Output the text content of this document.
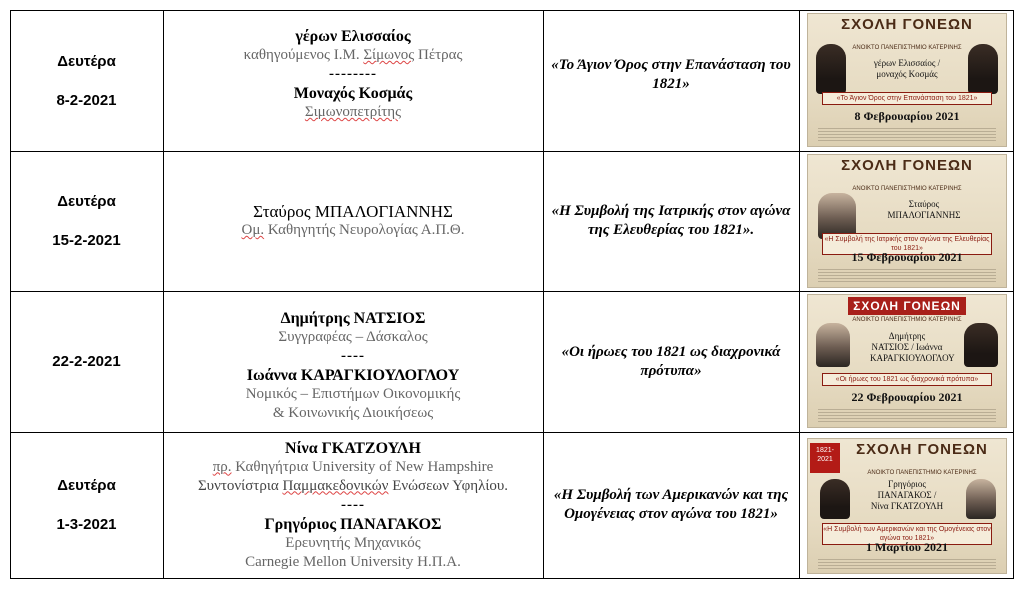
Δευτέρα
8-2-2021
γέρων Ελισσαίος
καθηγούμενος Ι.Μ. Σίμωνος Πέτρας
--------
Μοναχός Κοσμάς
Σιμωνοπετρίτης
«Το Άγιον Όρος στην Επανάσταση του 1821»
ΣΧΟΛΗ ΓΟΝΕΩΝ
ΑΝΟΙΚΤΟ ΠΑΝΕΠΙΣΤΗΜΙΟ ΚΑΤΕΡΙΝΗΣ
γέρων Ελισσαίος / μοναχός Κοσμάς
«Το Άγιον Όρος στην Επανάσταση του 1821»
8 Φεβρουαρίου 2021
Δευτέρα
15-2-2021
Σταύρος ΜΠΑΛΟΓΙΑΝΝΗΣ
Ομ. Καθηγητής Νευρολογίας Α.Π.Θ.
«Η Συμβολή της Ιατρικής στον αγώνα της Ελευθερίας του 1821».
ΣΧΟΛΗ ΓΟΝΕΩΝ
ΑΝΟΙΚΤΟ ΠΑΝΕΠΙΣΤΗΜΙΟ ΚΑΤΕΡΙΝΗΣ
Σταύρος ΜΠΑΛΟΓΙΑΝΝΗΣ
«Η Συμβολή της Ιατρικής στον αγώνα της Ελευθερίας του 1821»
15 Φεβρουαρίου 2021
22-2-2021
Δημήτρης ΝΑΤΣΙΟΣ
Συγγραφέας – Δάσκαλος
----
Ιωάννα ΚΑΡΑΓΚΙΟΥΛΟΓΛΟΥ
Νομικός – Επιστήμων Οικονομικής
& Κοινωνικής Διοικήσεως
«Οι ήρωες του 1821 ως διαχρονικά πρότυπα»
ΣΧΟΛΗ ΓΟΝΕΩΝ
ΑΝΟΙΚΤΟ ΠΑΝΕΠΙΣΤΗΜΙΟ ΚΑΤΕΡΙΝΗΣ
Δημήτρης ΝΑΤΣΙΟΣ / Ιωάννα ΚΑΡΑΓΚΙΟΥΛΟΓΛΟΥ
«Οι ήρωες του 1821 ως διαχρονικά πρότυπα»
22 Φεβρουαρίου 2021
Δευτέρα
1-3-2021
Νίνα ΓΚΑΤΖΟΥΛΗ
πρ. Καθηγήτρια University of New Hampshire
Συντονίστρια Παμμακεδονικών Ενώσεων Υφηλίου.
----
Γρηγόριος ΠΑΝΑΓΑΚΟΣ
Ερευνητής Μηχανικός
Carnegie Mellon University Η.Π.Α.
«Η Συμβολή των Αμερικανών και της Ομογένειας στον αγώνα του 1821»
1821-2021
ΣΧΟΛΗ ΓΟΝΕΩΝ
ΑΝΟΙΚΤΟ ΠΑΝΕΠΙΣΤΗΜΙΟ ΚΑΤΕΡΙΝΗΣ
Γρηγόριος ΠΑΝΑΓΑΚΟΣ / Νίνα ΓΚΑΤΖΟΥΛΗ
«Η Συμβολή των Αμερικανών και της Ομογένειας στον αγώνα του 1821»
1 Μαρτίου 2021
